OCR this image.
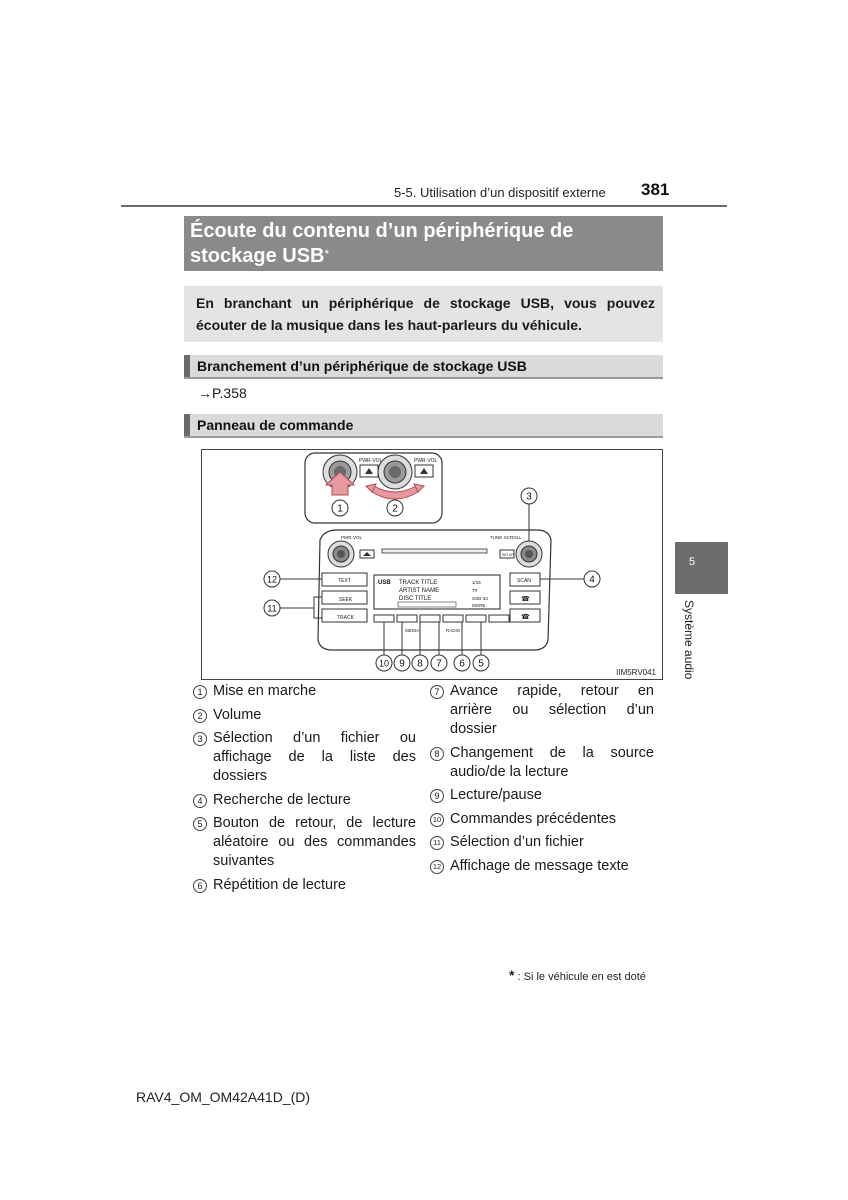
5-5. Utilisation d’un dispositif externe 381
Écoute du contenu d’un périphérique de stockage USB*
En branchant un périphérique de stockage USB, vous pouvez écouter de la musique dans les haut-parleurs du véhicule.
Branchement d’un périphérique de stockage USB
→P.358
Panneau de commande
PWR·VOL	PWR·VOL
1	2
PWR·VOL	TUNE·SCROLL
SETUP
TEXT
SEEK
TRACK
SCAN
☎
☎
USB TRACK TITLE
ARTIST NAME
DISC TITLE
1/15
T#
SSD-33
MORE
MEDIA	RADIO
3
4
12
11
10 9 8 7 6 5
IIM5RV041
1 Mise en marche
2 Volume
3 Sélection d’un fichier ou affichage de la liste des dossiers
4 Recherche de lecture
5 Bouton de retour, de lecture aléatoire ou des commandes suivantes
6 Répétition de lecture
7 Avance rapide, retour en arrière ou sélection d’un dossier
8 Changement de la source audio/de la lecture
9 Lecture/pause
10 Commandes précédentes
11 Sélection d’un fichier
12 Affichage de message texte
* : Si le véhicule en est doté
RAV4_OM_OM42A41D_(D)
5
Système audio
